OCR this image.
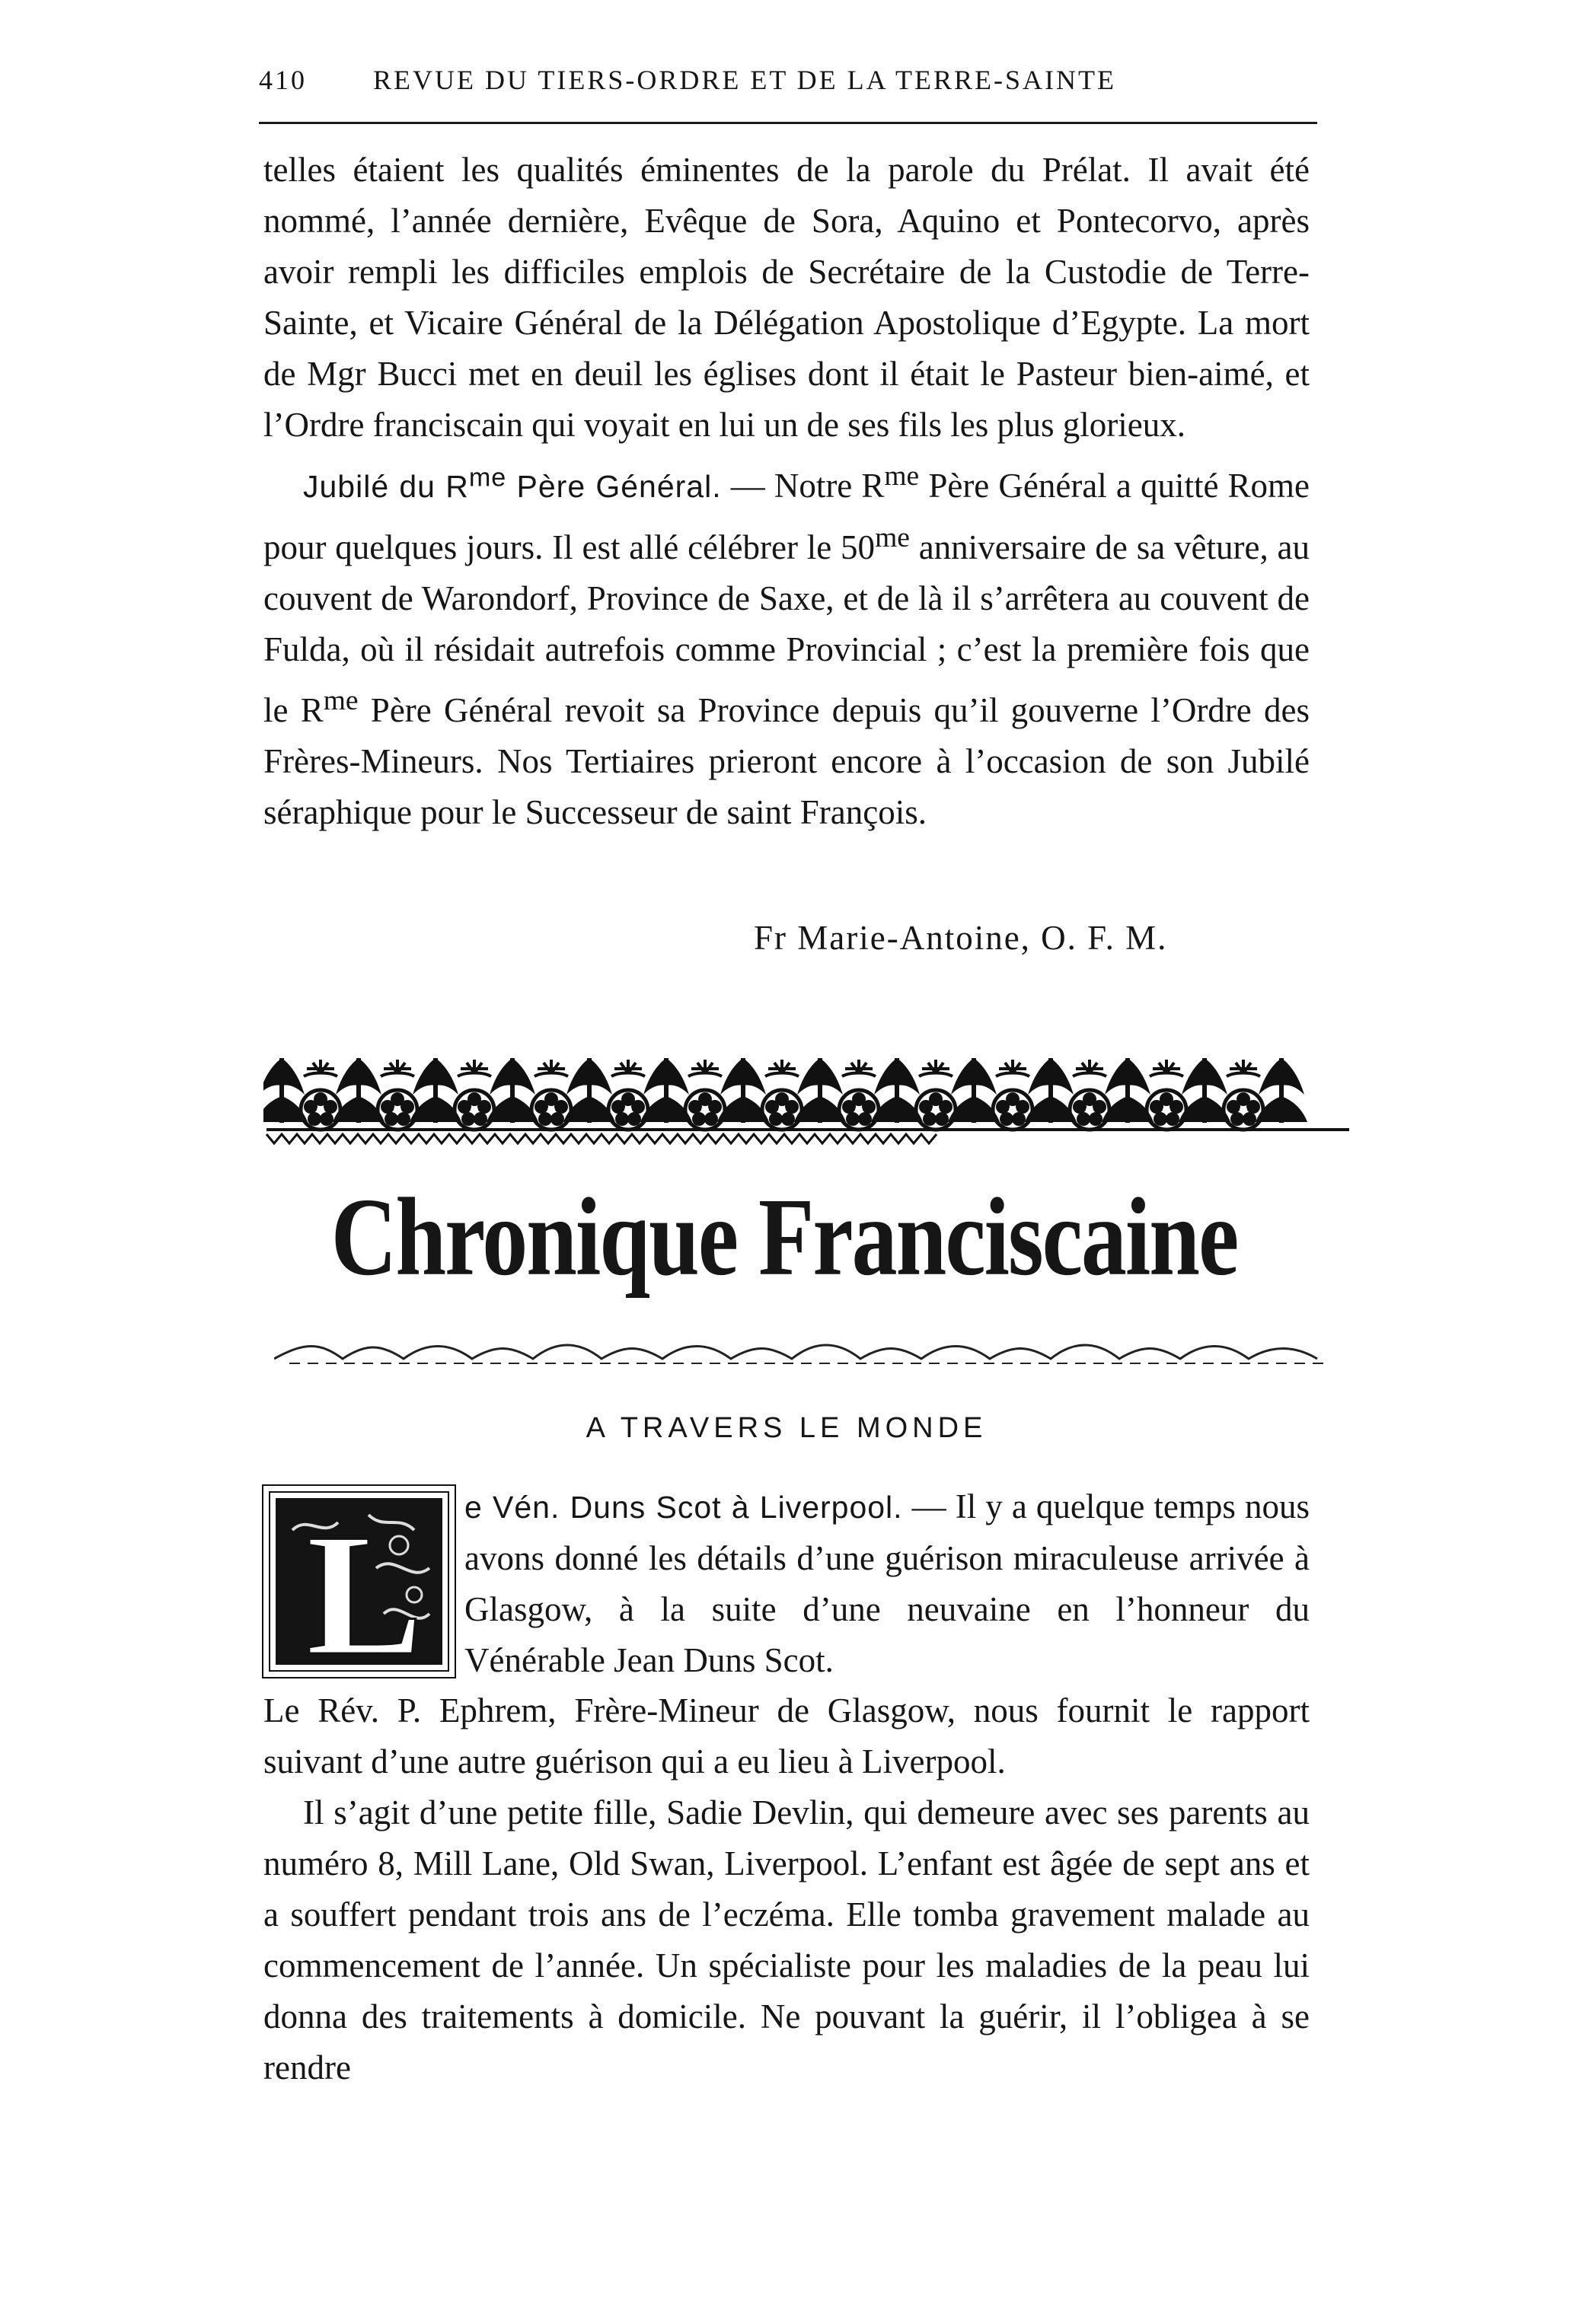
410 REVUE DU TIERS-ORDRE ET DE LA TERRE-SAINTE

telles étaient les qualités éminentes de la parole du Prélat. Il avait été nommé, l’année dernière, Evêque de Sora, Aquino et Pontecorvo, après avoir rempli les difficiles emplois de Secrétaire de la Custodie de Terre-Sainte, et Vicaire Général de la Délégation Apostolique d’Egypte. La mort de Mgr Bucci met en deuil les églises dont il était le Pasteur bien-aimé, et l’Ordre franciscain qui voyait en lui un de ses fils les plus glorieux.

Jubilé du $R^{me}$ Père Général. — Notre $R^{me}$ Père Général a quitté Rome pour quelques jours. Il est allé célébrer le $50^{me}$ anniversaire de sa vêture, au couvent de Warondorf, Province de Saxe, et de là il s’arrêtera au couvent de Fulda, où il résidait autrefois comme Provincial ; c’est la première fois que le $R^{me}$ Père Général revoit sa Province depuis qu’il gouverne l’Ordre des Frères-Mineurs. Nos Tertiaires prieront encore à l’occasion de son Jubilé séraphique pour le Successeur de saint François.

Fr Marie-Antoine, O. F. M.
Chronique Franciscaine
A TRAVERS LE MONDE
L e Vén. Duns Scot à Liverpool. — Il y a quelque temps nous avons donné les détails d’une guérison miraculeuse arrivée à Glasgow, à la suite d’une neuvaine en l’honneur du Vénérable Jean Duns Scot.

Le Rév. P. Ephrem, Frère-Mineur de Glasgow, nous fournit le rapport suivant d’une autre guérison qui a eu lieu à Liverpool.

Il s’agit d’une petite fille, Sadie Devlin, qui demeure avec ses parents au numéro 8, Mill Lane, Old Swan, Liverpool. L’enfant est âgée de sept ans et a souffert pendant trois ans de l’eczéma. Elle tomba gravement malade au commencement de l’année. Un spécialiste pour les maladies de la peau lui donna des traitements à domicile. Ne pouvant la guérir, il l’obligea à se rendre
